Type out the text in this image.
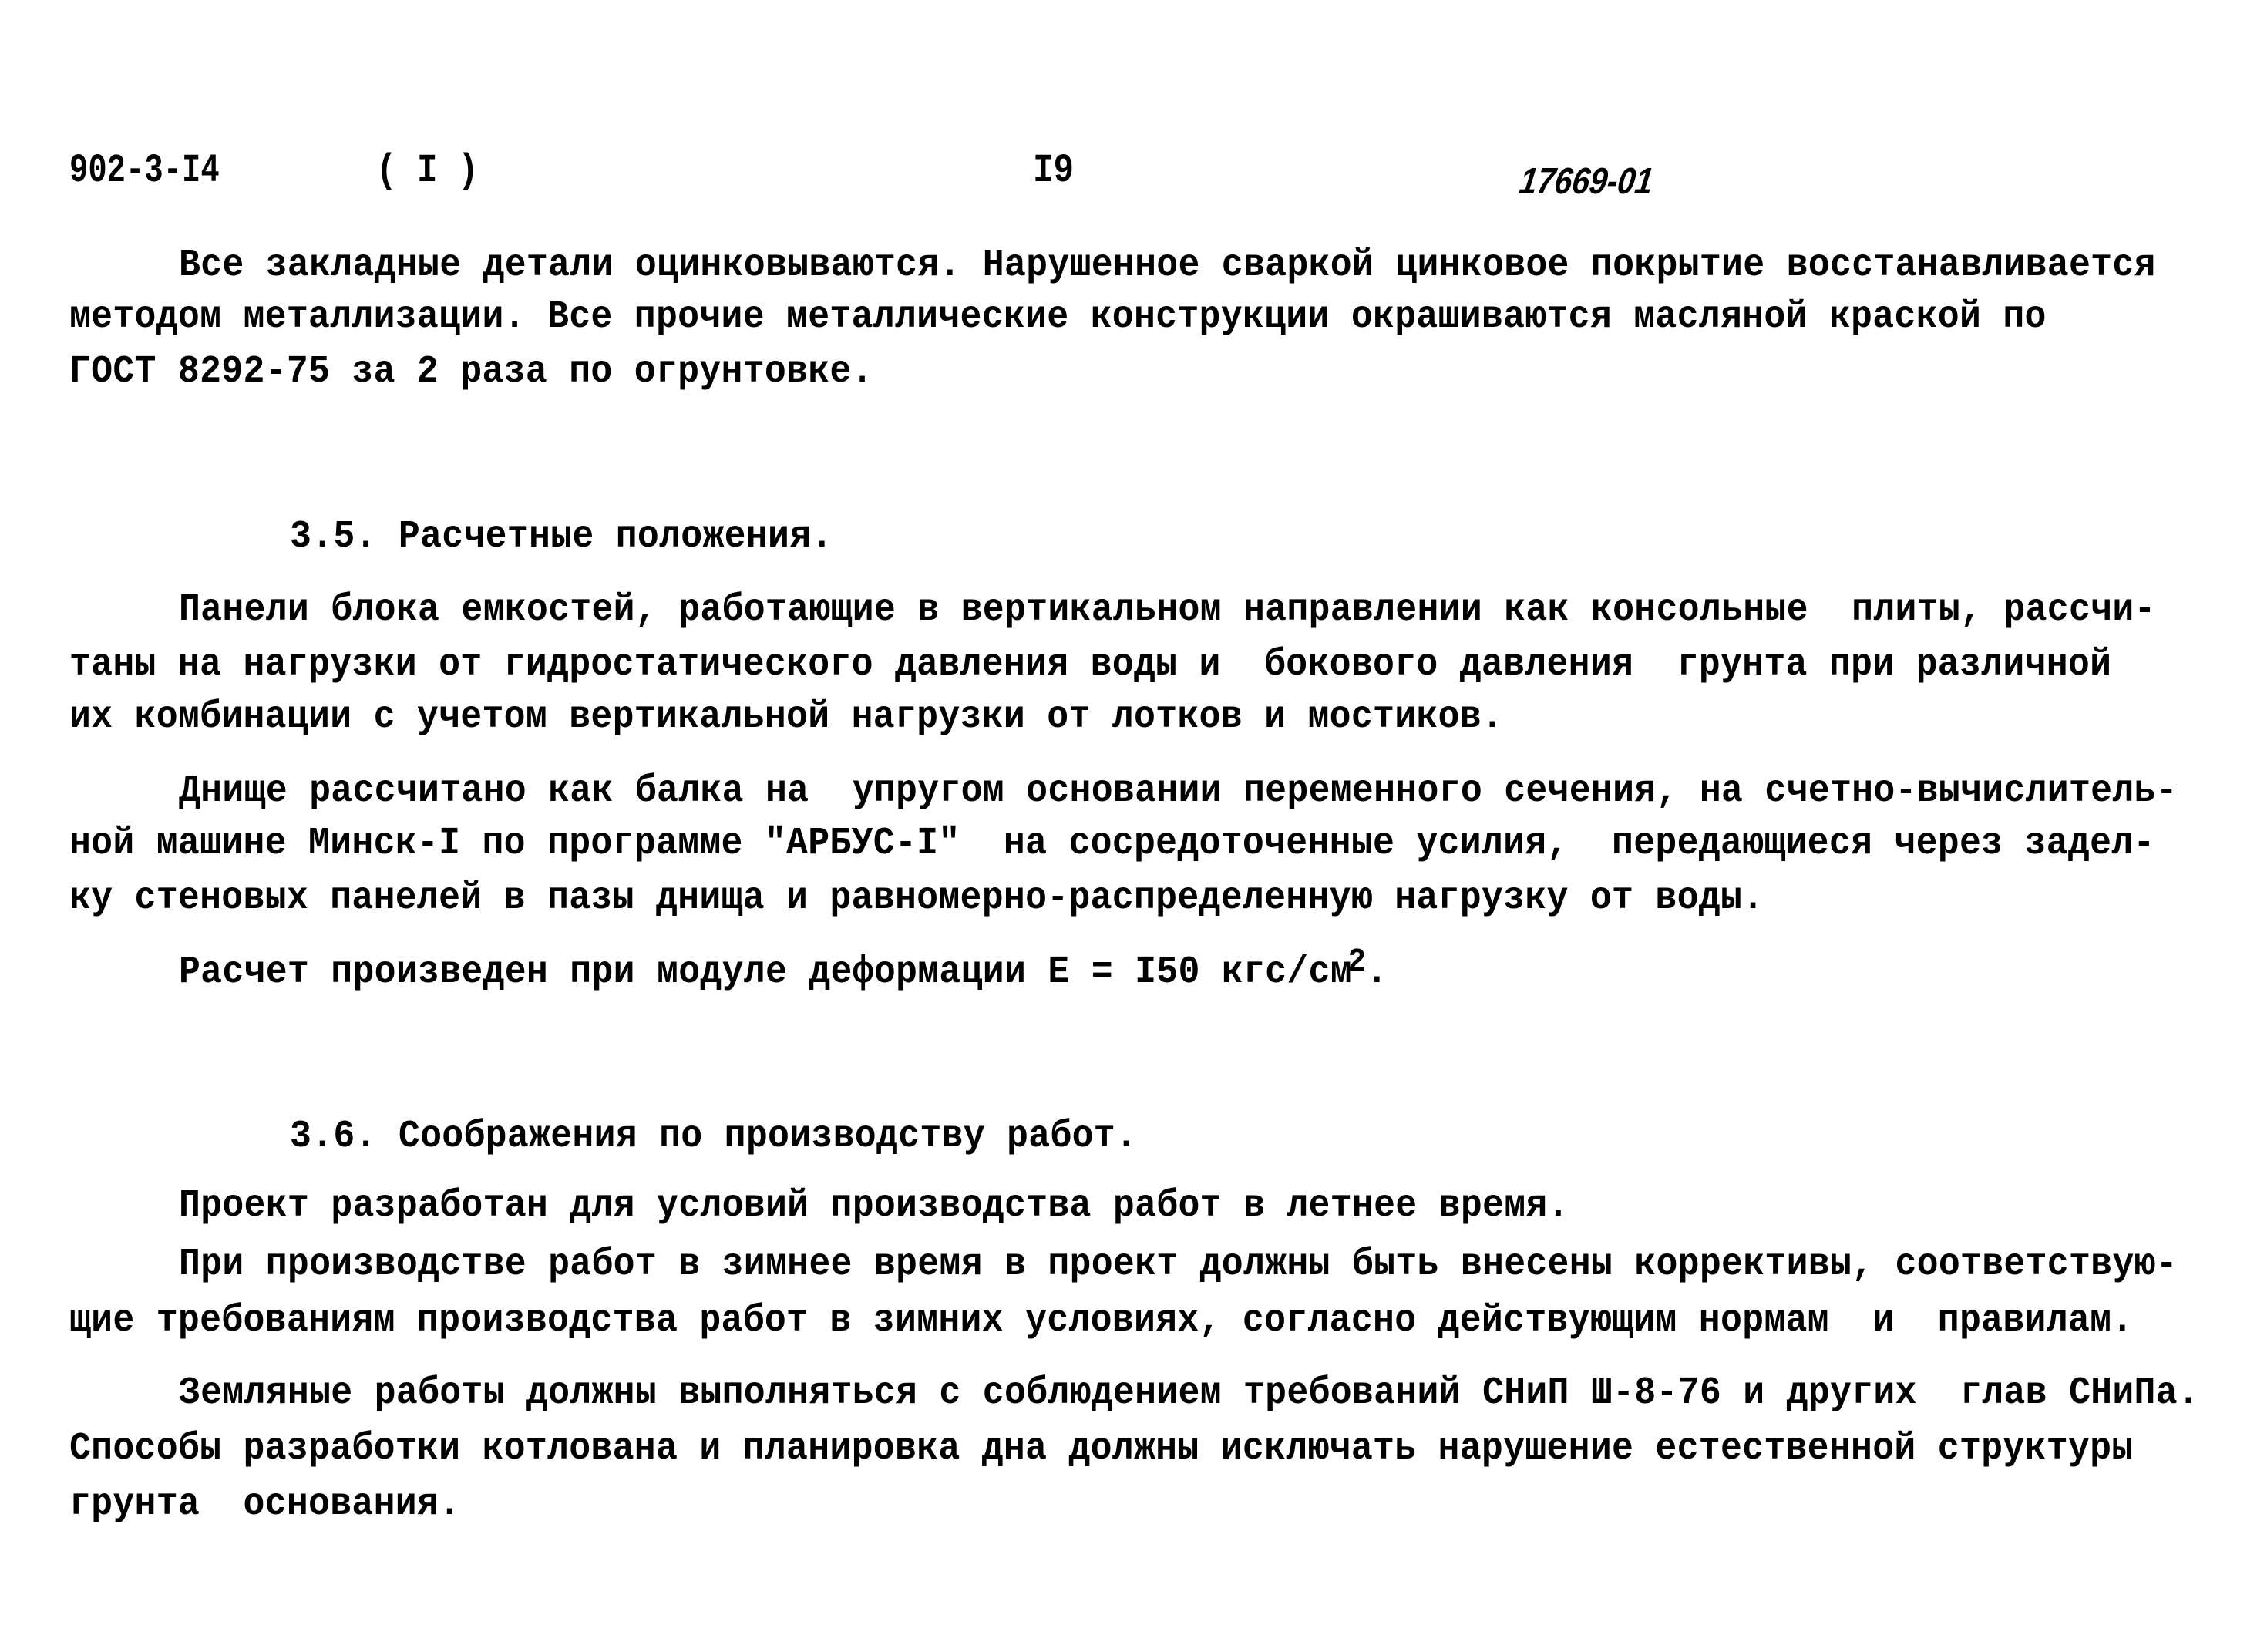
902-3-I4	( I )	I9	17669-01
Все закладные детали оцинковываются. Нарушенное сваркой цинковое покрытие восстанавливается
методом металлизации. Все прочие металлические конструкции окрашиваются масляной краской по
ГОСТ 8292-75 за 2 раза по огрунтовке.
3.5. Расчетные положения.
Панели блока емкостей, работающие в вертикальном направлении как консольные  плиты, рассчи-
таны на нагрузки от гидростатического давления воды и  бокового давления  грунта при различной
их комбинации с учетом вертикальной нагрузки от лотков и мостиков.
Днище рассчитано как балка на  упругом основании переменного сечения, на счетно-вычислитель-
ной машине Минск-I по программе "АРБУС-I"  на сосредоточенные усилия,  передающиеся через задел-
ку стеновых панелей в пазы днища и равномерно-распределенную нагрузку от воды.
Расчет произведен при модуле деформации Е = I50 кгс/$см^2$.
3.6. Соображения по производству работ.
Проект разработан для условий производства работ в летнее время.
При производстве работ в зимнее время в проект должны быть внесены коррективы, соответствую-
щие требованиям производства работ в зимних условиях, согласно действующим нормам  и  правилам.
Земляные работы должны выполняться с соблюдением требований СНиП Ш-8-76 и других  глав СНиПа.
Способы разработки котлована и планировка дна должны исключать нарушение естественной структуры
грунта  основания.
